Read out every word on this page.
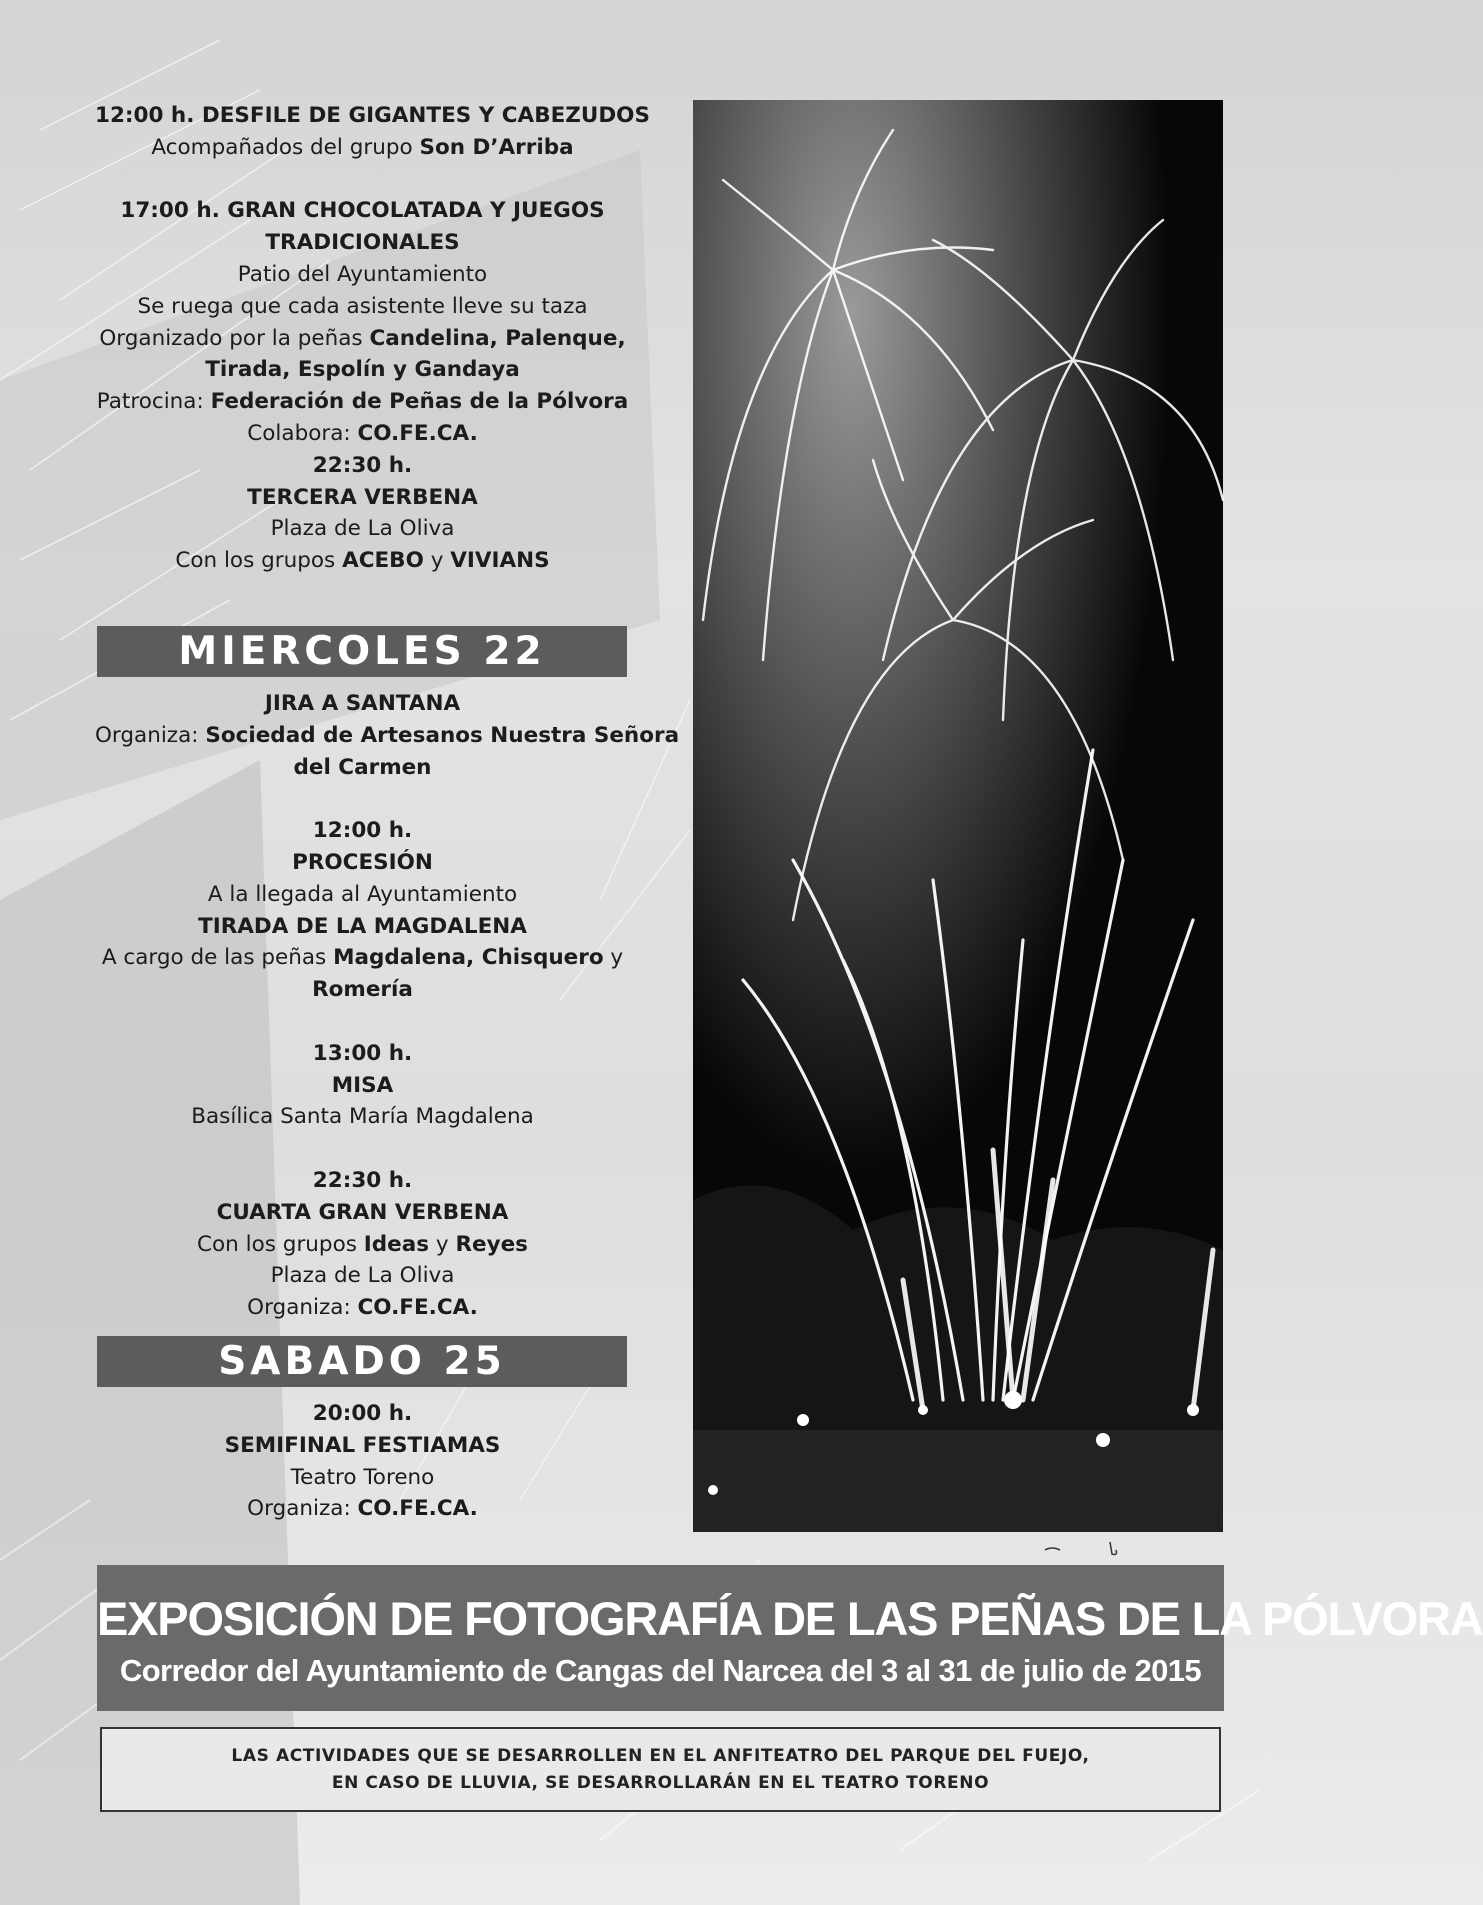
12:00 h. DESFILE DE GIGANTES Y CABEZUDOS
Acompañados del grupo Son D’Arriba
17:00 h. GRAN CHOCOLATADA Y JUEGOS
TRADICIONALES
Patio del Ayuntamiento
Se ruega que cada asistente lleve su taza
Organizado por la peñas Candelina, Palenque,
Tirada, Espolín y Gandaya
Patrocina: Federación de Peñas de la Pólvora
Colabora: CO.FE.CA.
22:30 h.
TERCERA VERBENA
Plaza de La Oliva
Con los grupos ACEBO y VIVIANS
MIERCOLES 22
JIRA A SANTANA
Organiza: Sociedad de Artesanos Nuestra Señora
del Carmen
12:00 h.
PROCESIÓN
A la llegada al Ayuntamiento
TIRADA DE LA MAGDALENA
A cargo de las peñas Magdalena, Chisquero y
Romería
13:00 h.
MISA
Basílica Santa María Magdalena
22:30 h.
CUARTA GRAN VERBENA
Con los grupos Ideas y Reyes
Plaza de La Oliva
Organiza: CO.FE.CA.
SABADO 25
20:00 h.
SEMIFINAL FESTIAMAS
Teatro Toreno
Organiza: CO.FE.CA.
EXPOSICIÓN DE FOTOGRAFÍA DE LAS PEÑAS DE LA PÓLVORA
Corredor del Ayuntamiento de Cangas del Narcea del 3 al 31 de julio de 2015
LAS ACTIVIDADES QUE SE DESARROLLEN EN EL ANFITEATRO DEL PARQUE DEL FUEJO,
EN CASO DE LLUVIA, SE DESARROLLARÁN EN EL TEATRO TORENO
